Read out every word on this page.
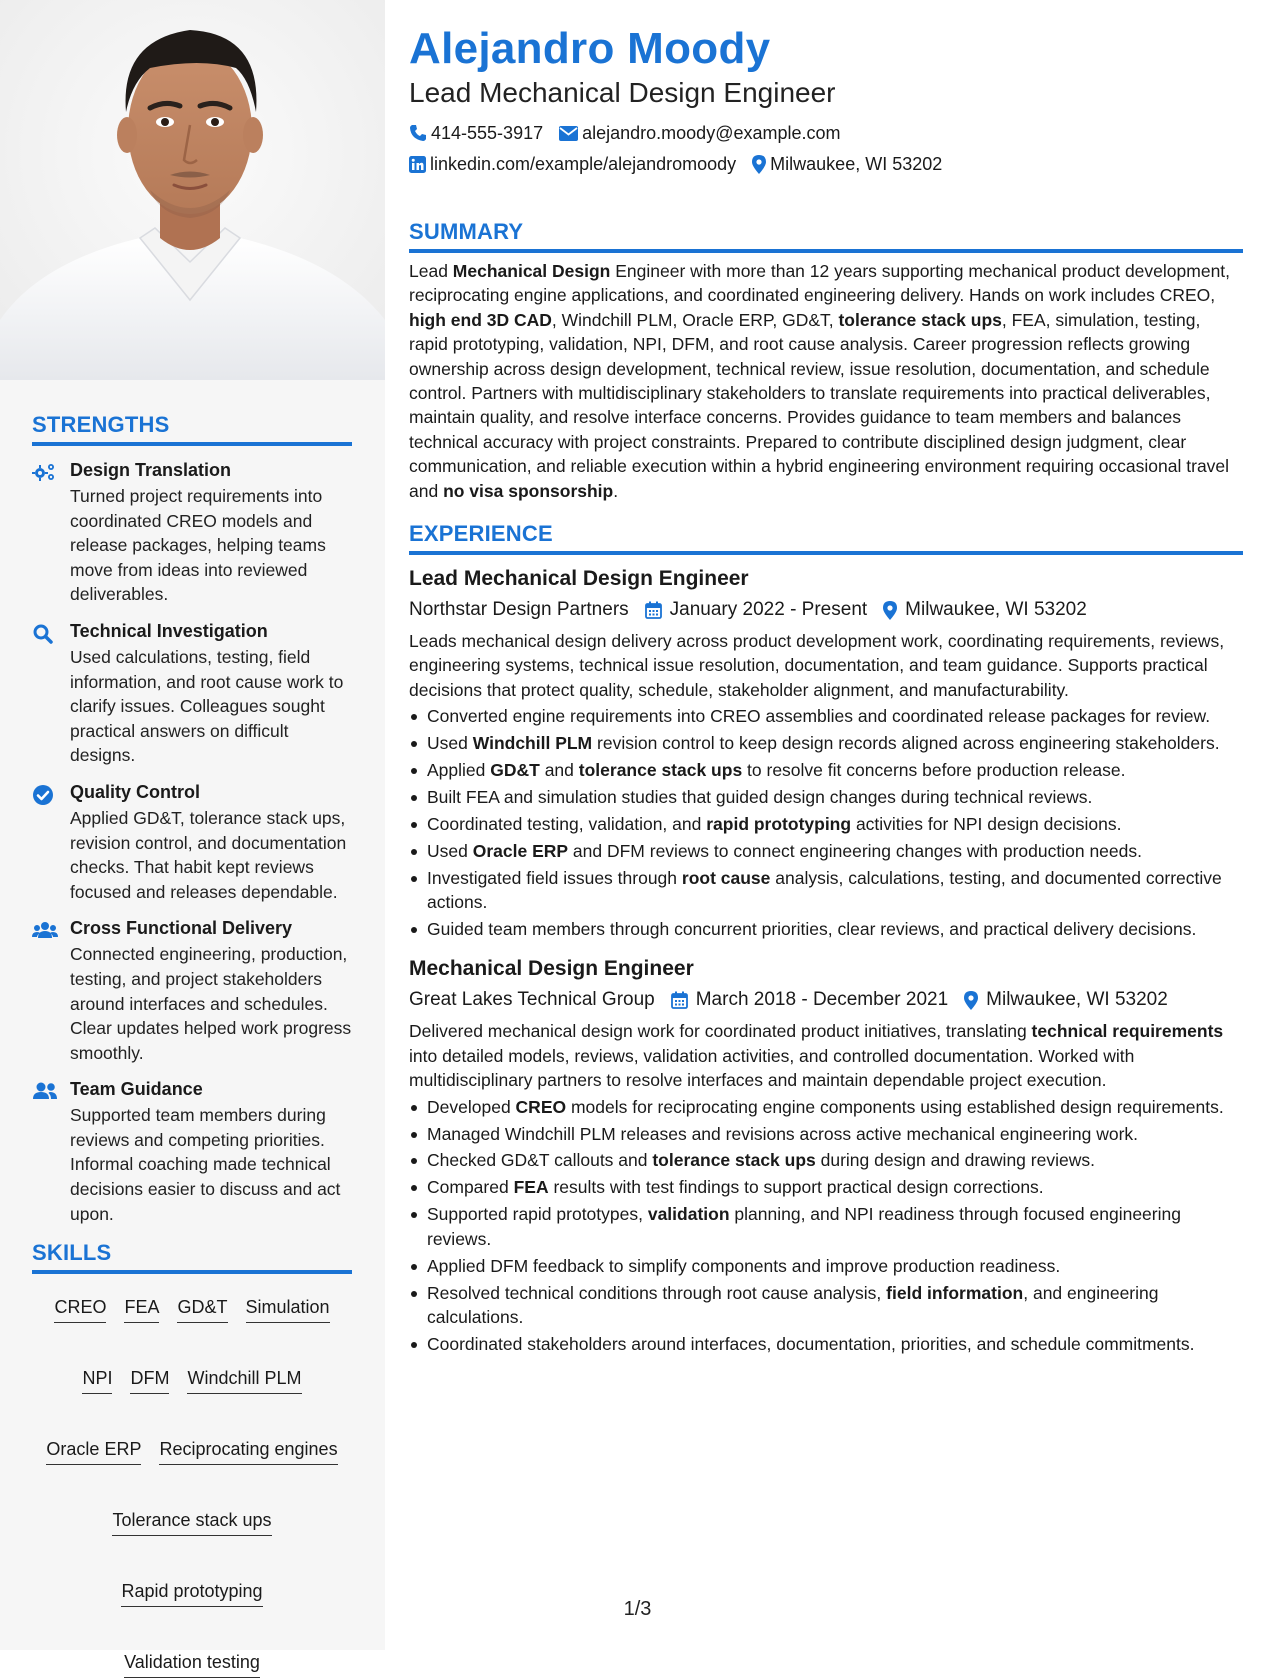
STRENGTHS
Design Translation
Turned project requirements into coordinated CREO models and release packages, helping teams move from ideas into reviewed deliverables.
Technical Investigation
Used calculations, testing, field information, and root cause work to clarify issues. Colleagues sought practical answers on difficult designs.
Quality Control
Applied GD&T, tolerance stack ups, revision control, and documentation checks. That habit kept reviews focused and releases dependable.
Cross Functional Delivery
Connected engineering, production, testing, and project stakeholders around interfaces and schedules. Clear updates helped work progress smoothly.
Team Guidance
Supported team members during reviews and competing priorities. Informal coaching made technical decisions easier to discuss and act upon.
SKILLS
CREO FEA GD&T Simulation
NPI DFM Windchill PLM
Oracle ERP Reciprocating engines
Tolerance stack ups
Rapid prototyping
Validation testing
Alejandro Moody
Lead Mechanical Design Engineer
414-555-3917 alejandro.moody@example.com
linkedin.com/example/alejandromoody Milwaukee, WI 53202
SUMMARY
Lead Mechanical Design Engineer with more than 12 years supporting mechanical product development, reciprocating engine applications, and coordinated engineering delivery. Hands on work includes CREO, high end 3D CAD, Windchill PLM, Oracle ERP, GD&T, tolerance stack ups, FEA, simulation, testing, rapid prototyping, validation, NPI, DFM, and root cause analysis. Career progression reflects growing ownership across design development, technical review, issue resolution, documentation, and schedule control. Partners with multidisciplinary stakeholders to translate requirements into practical deliverables, maintain quality, and resolve interface concerns. Provides guidance to team members and balances technical accuracy with project constraints. Prepared to contribute disciplined design judgment, clear communication, and reliable execution within a hybrid engineering environment requiring occasional travel and no visa sponsorship.
EXPERIENCE
Lead Mechanical Design Engineer
Northstar Design Partners January 2022 - Present Milwaukee, WI 53202
Leads mechanical design delivery across product development work, coordinating requirements, reviews, engineering systems, technical issue resolution, documentation, and team guidance. Supports practical decisions that protect quality, schedule, stakeholder alignment, and manufacturability.
Converted engine requirements into CREO assemblies and coordinated release packages for review.
Used Windchill PLM revision control to keep design records aligned across engineering stakeholders.
Applied GD&T and tolerance stack ups to resolve fit concerns before production release.
Built FEA and simulation studies that guided design changes during technical reviews.
Coordinated testing, validation, and rapid prototyping activities for NPI design decisions.
Used Oracle ERP and DFM reviews to connect engineering changes with production needs.
Investigated field issues through root cause analysis, calculations, testing, and documented corrective actions.
Guided team members through concurrent priorities, clear reviews, and practical delivery decisions.
Mechanical Design Engineer
Great Lakes Technical Group March 2018 - December 2021 Milwaukee, WI 53202
Delivered mechanical design work for coordinated product initiatives, translating technical requirements into detailed models, reviews, validation activities, and controlled documentation. Worked with multidisciplinary partners to resolve interfaces and maintain dependable project execution.
Developed CREO models for reciprocating engine components using established design requirements.
Managed Windchill PLM releases and revisions across active mechanical engineering work.
Checked GD&T callouts and tolerance stack ups during design and drawing reviews.
Compared FEA results with test findings to support practical design corrections.
Supported rapid prototypes, validation planning, and NPI readiness through focused engineering reviews.
Applied DFM feedback to simplify components and improve production readiness.
Resolved technical conditions through root cause analysis, field information, and engineering calculations.
Coordinated stakeholders around interfaces, documentation, priorities, and schedule commitments.
1/3
